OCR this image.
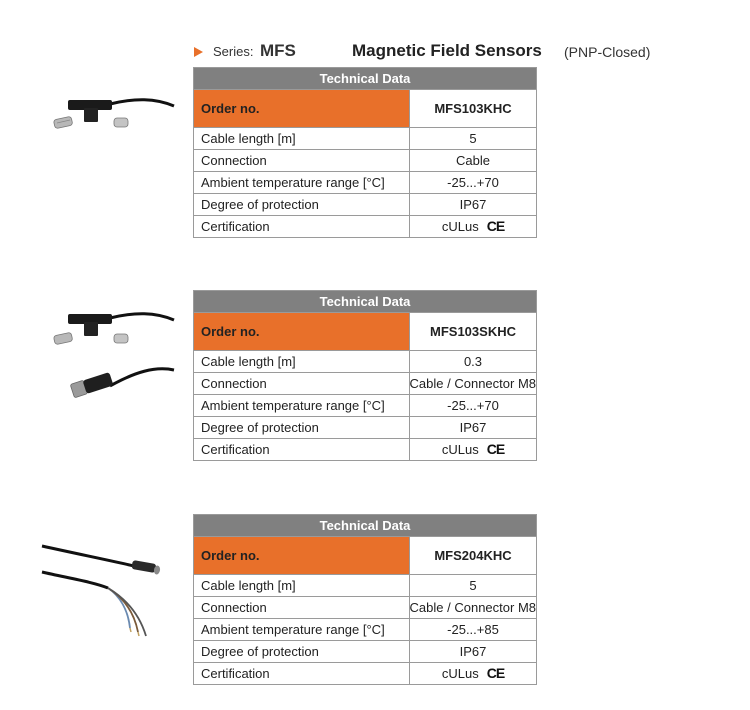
Series: MFS	Magnetic Field Sensors (PNP-Closed)
Technical Data
Order no.	MFS103KHC
Cable length [m]	5
Connection	Cable
Ambient temperature range [°C]	-25...+70
Degree of protection	IP67
Certification	cULus CE
Technical Data
Order no.	MFS103SKHC
Cable length [m]	0.3
Connection	Cable / Connector M8
Ambient temperature range [°C]	-25...+70
Degree of protection	IP67
Certification	cULus CE
Technical Data
Order no.	MFS204KHC
Cable length [m]	5
Connection	Cable / Connector M8
Ambient temperature range [°C]	-25...+85
Degree of protection	IP67
Certification	cULus CE
